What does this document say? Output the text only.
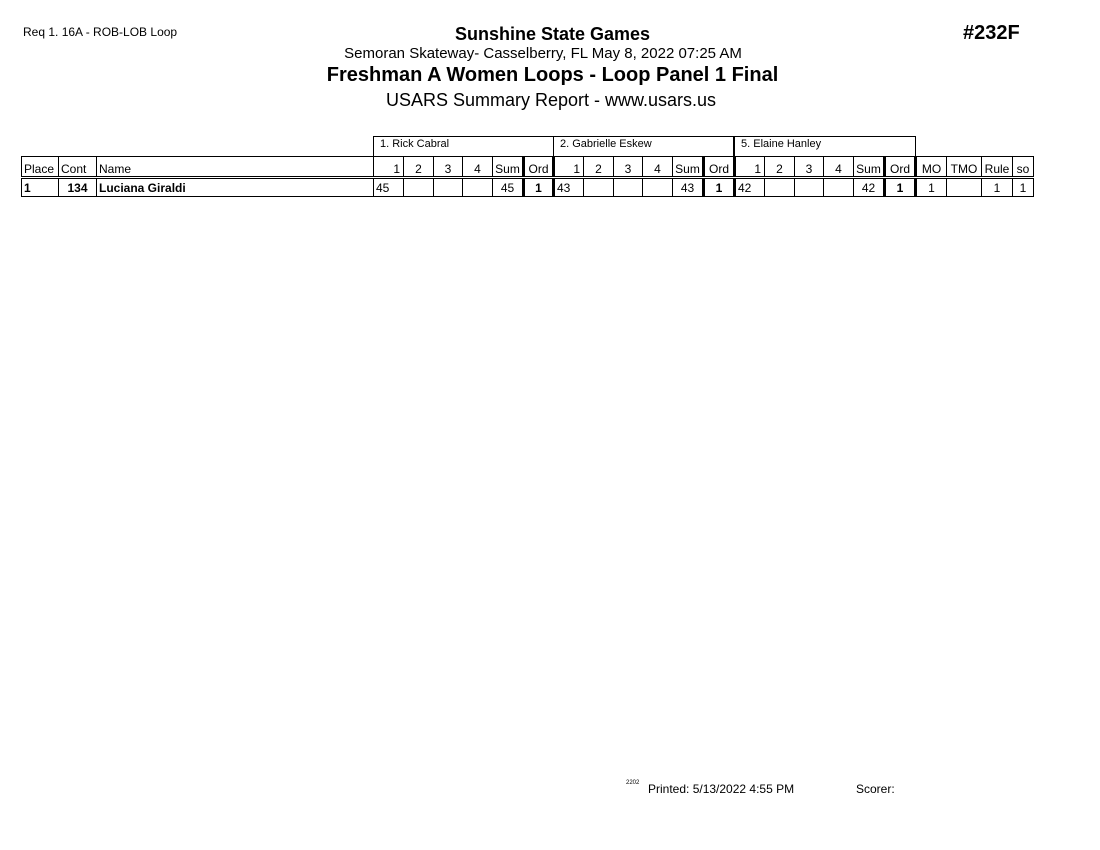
Req 1. 16A - ROB-LOB Loop	#232F
Sunshine State Games
Semoran Skateway- Casselberry, FL May 8, 2022 07:25 AM
Freshman A Women Loops - Loop Panel 1 Final
USARS Summary Report - www.usars.us
1. Rick Cabral	2. Gabrielle Eskew	5. Elaine Hanley
Place	Cont	Name	1	2	3	4	Sum	Ord	1	2	3	4	Sum	Ord	1	2	3	4	Sum	Ord	MO	TMO	Rule	so
1	134	Luciana Giraldi	45				45	1	43				43	1	42				42	1	1		1	1
2202 Printed: 5/13/2022 4:55 PM	Scorer:
